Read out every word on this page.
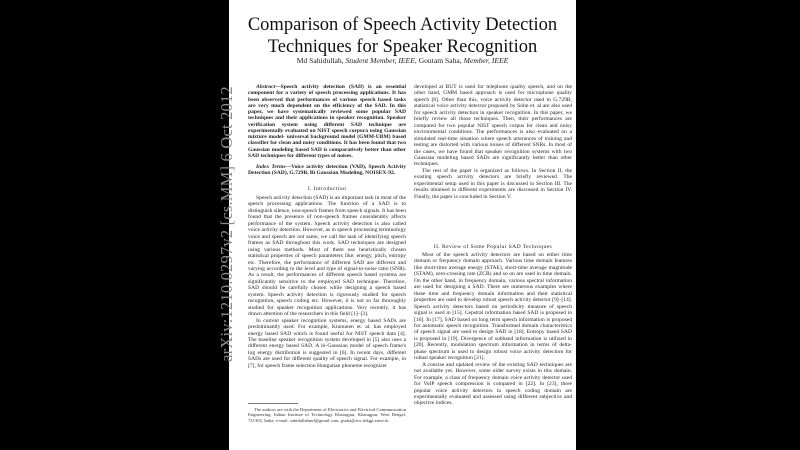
arXiv:1210.0297v2 [cs.MM] 6 Oct 2012
Comparison of Speech Activity Detection
Techniques for Speaker Recognition
Md Sahidullah, Student Member, IEEE, Goutam Saha, Member, IEEE
Abstract—Speech activity detection (SAD) is an essential component for a variety of speech processing applications. It has been observed that performances of various speech based tasks are very much dependent on the efficiency of the SAD. In this paper, we have systematically reviewed some popular SAD techniques and their applications in speaker recognition. Speaker verification system using different SAD technique are experimentally evaluated on NIST speech corpora using Gaussian mixture model- universal background model (GMM-UBM) based classifier for clean and noisy conditions. It has been found that two Gaussian modeling based SAD is comparatively better than other SAD techniques for different types of noises.
Index Terms—Voice activity detection (VAD), Speech Activity Detection (SAD), G.729B, Bi Gaussian Modeling, NOISEX-92.
I. Introduction

Speech activity detection (SAD) is an important task in most of the speech processing applications. The function of a SAD is to distinguish silence, non-speech frames from speech signals. It has been found that the presence of non-speech frames considerably affects performance of the system. Speech activity detection is also called voice activity detection. However, as in speech processing terminology voice and speech are not same, we call the task of identifying speech frames as SAD throughout this work. SAD techniques are designed using various methods. Most of them use heuristically chosen statistical properties of speech parameters like: energy, pitch, entropy etc. Therefore, the performance of different SAD are different and varying according to the level and type of signal-to-noise ratio (SNR). As a result, the performances of different speech based systems are significantly sensitive to the employed SAD technique. Therefore, SAD should be carefully chosen while designing a speech based system. Speech activity detection is rigorously studied for speech recognition, speech coding etc. However, it is not so far thoroughly studied for speaker recognition applications. Very recently, it has drawn attention of the researchers in this field [1]–[3].

In current speaker recognition systems, energy based SADs are predominantly used. For example, Kinnunen et. al. has employed energy based SAD which is found useful for NIST speech data [4]. The baseline speaker recognition system developed in [5] also uses a different energy based SAD. A bi-Gaussian model of speech frame's log energy distribution is suggested in [6]. In recent days, different SADs are used for different quality of speech signal. For example, in [7], for speech frame selection Hungarian phoneme recognizer

The authors are with the Department of Electronics and Electrical Communication Engineering, Indian Institute of Technology Kharagpur, Kharagpur, West Bengal, 721302, India. e-mail: sahidullahmd@gmail.com, gsaha@ece.iitkgp.ernet.in

developed at BUT is used for telephone quality speech, and on the other hand, GMM based approach is used for microphone quality speech [8]. Other than this, voice activity detector used in G.729B, statistical voice activity detector proposed by Sohn et. al are also used for speech activity detection in speaker recognition. In this paper, we briefly review all those techniques. Then, their performances are compared for two popular NIST speech corpus for clean and noisy environmental conditions. The performances is also evaluated on a simulated real-time situation where speech utterances of training and testing are distorted with various noises of different SNRs. In most of the cases, we have found that speaker recognition systems with two Gaussian modeling based SADs are significantly better than other techniques.

The rest of the paper is organized as follows. In Section II, the existing speech activity detectors are briefly reviewed. The experimental setup used in this paper is discussed in Section III. The results obtained in different experiments are discussed in Section IV. Finally, the paper is concluded in Section V.

II. Review of Some Popular SAD Techniques

Most of the speech activity detectors are based on either time domain or frequency domain approach. Various time domain features like short-time average energy (STAE), short-time average magnitude (STAM), zero-crossing rate (ZCR) and so on are used in time domain. On the other hand, in frequency domain, various spectral information are used for designing a SAD. There are numerous examples where these time and frequency domain information and their statistical properties are used to develop robust speech activity detector [9]–[14]. Speech activity detectors based on periodicity measure of speech signal is used in [15]. Cepstral information based SAD is proposed in [16]. In [17], SAD based on long term speech information is proposed for automatic speech recognition. Transformed domain characteristics of speech signal are used to design SAD in [18]. Entropy based SAD is proposed in [19]. Divergence of subband information is utilized in [20]. Recently, modulation spectrum information in terms of delta-phase spectrum is used to design robust voice activity detection for robust speaker recognition [21].

A concise and updated review of the existing SAD techniques are not available yet. However, some older survey exists in this domain. For example, a class of frequency domain voice activity detector used for VoIP speech compression is compared in [22]. In [23], three popular voice activity detectors in speech coding domain are experimentally evaluated and assessed using different subjective and objective indices.
